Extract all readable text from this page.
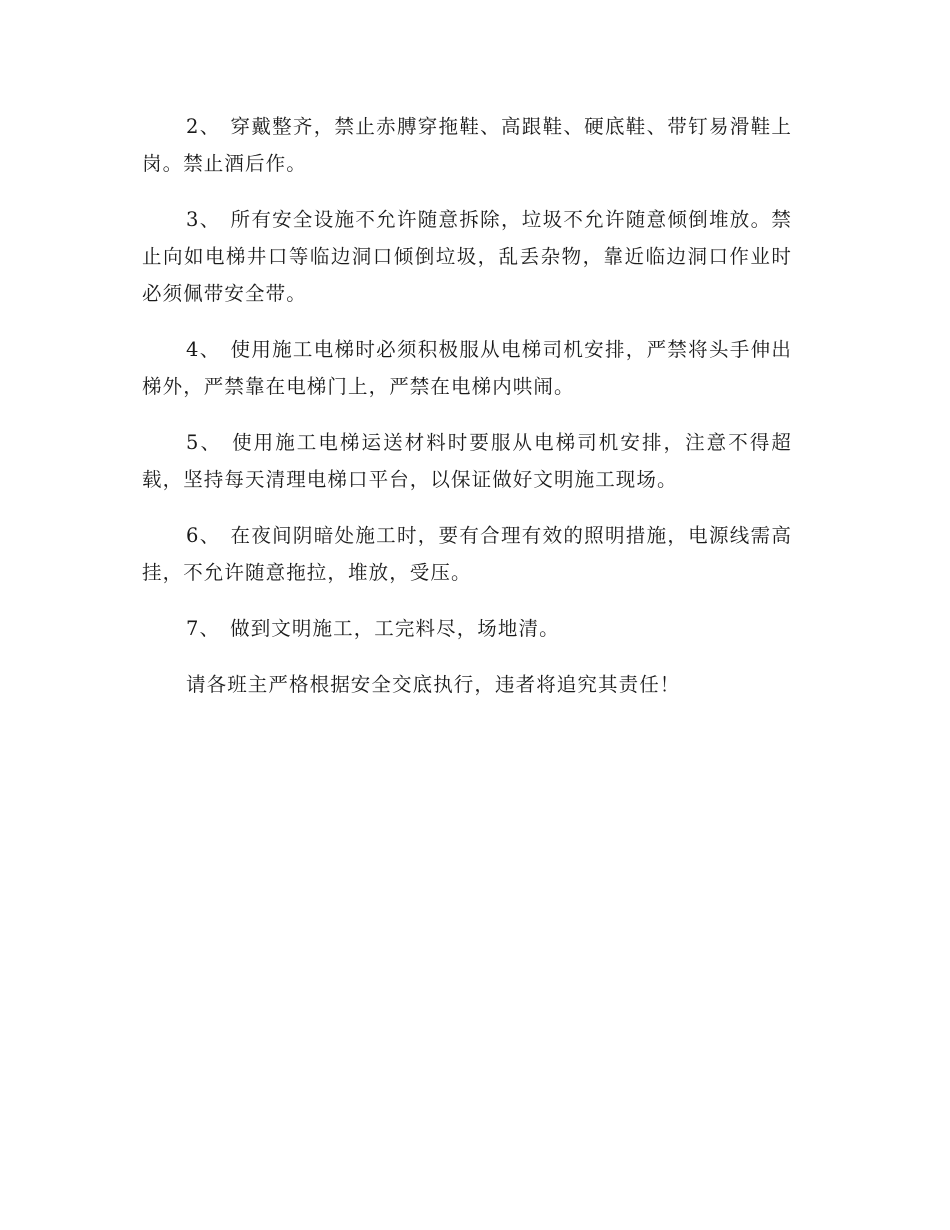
2、 穿戴整齐，禁止赤膊穿拖鞋、高跟鞋、硬底鞋、带钉易滑鞋上岗。禁止酒后作。

3、 所有安全设施不允许随意拆除，垃圾不允许随意倾倒堆放。禁止向如电梯井口等临边洞口倾倒垃圾，乱丢杂物，靠近临边洞口作业时必须佩带安全带。

4、 使用施工电梯时必须积极服从电梯司机安排，严禁将头手伸出梯外，严禁靠在电梯门上，严禁在电梯内哄闹。

5、 使用施工电梯运送材料时要服从电梯司机安排，注意不得超载，坚持每天清理电梯口平台，以保证做好文明施工现场。

6、 在夜间阴暗处施工时，要有合理有效的照明措施，电源线需高挂，不允许随意拖拉，堆放，受压。

7、 做到文明施工，工完料尽，场地清。

请各班主严格根据安全交底执行，违者将追究其责任！
